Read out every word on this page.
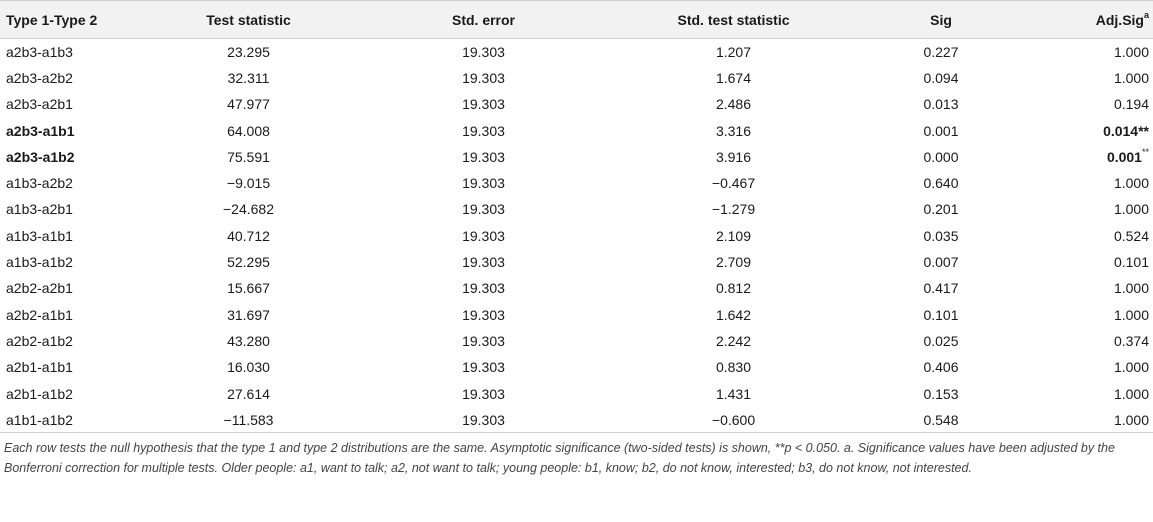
Type 1-Type 2	Test statistic	Std. error	Std. test statistic	Sig	Adj.Sig$^a$
a2b3-a1b3	23.295	19.303	1.207	0.227	1.000
a2b3-a2b2	32.311	19.303	1.674	0.094	1.000
a2b3-a2b1	47.977	19.303	2.486	0.013	0.194
a2b3-a1b1	64.008	19.303	3.316	0.001	0.014**
a2b3-a1b2	75.591	19.303	3.916	0.000	0.001**
a1b3-a2b2	−9.015	19.303	−0.467	0.640	1.000
a1b3-a2b1	−24.682	19.303	−1.279	0.201	1.000
a1b3-a1b1	40.712	19.303	2.109	0.035	0.524
a1b3-a1b2	52.295	19.303	2.709	0.007	0.101
a2b2-a2b1	15.667	19.303	0.812	0.417	1.000
a2b2-a1b1	31.697	19.303	1.642	0.101	1.000
a2b2-a1b2	43.280	19.303	2.242	0.025	0.374
a2b1-a1b1	16.030	19.303	0.830	0.406	1.000
a2b1-a1b2	27.614	19.303	1.431	0.153	1.000
a1b1-a1b2	−11.583	19.303	−0.600	0.548	1.000
Each row tests the null hypothesis that the type 1 and type 2 distributions are the same. Asymptotic significance (two-sided tests) is shown, **p < 0.050. a. Significance values have been adjusted by the Bonferroni correction for multiple tests. Older people: a1, want to talk; a2, not want to talk; young people: b1, know; b2, do not know, interested; b3, do not know, not interested.
